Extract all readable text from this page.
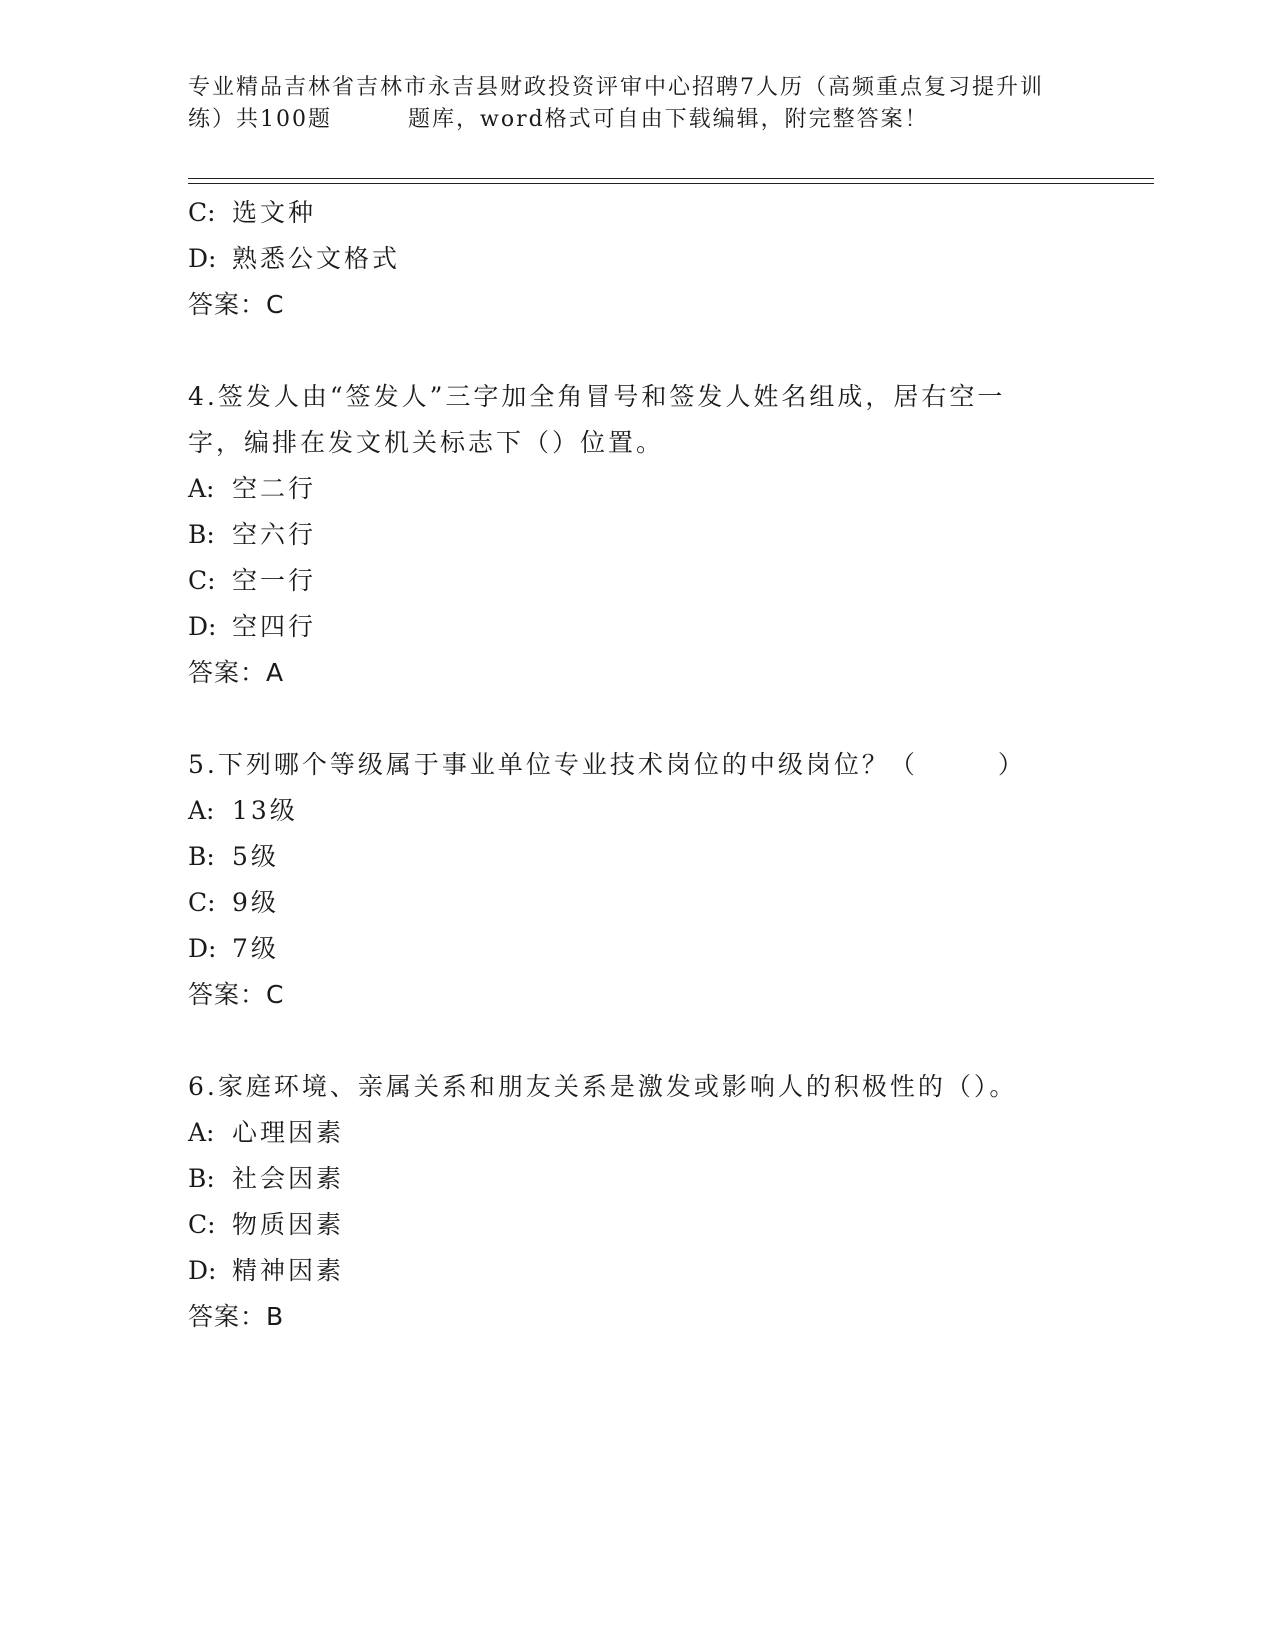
专业精品吉林省吉林市永吉县财政投资评审中心招聘7人历（高频重点复习提升训
练）共100题	题库，word格式可自由下载编辑，附完整答案！
C: 选文种
D: 熟悉公文格式
答案：C
4.签发人由“签发人”三字加全角冒号和签发人姓名组成，居右空一
字，编排在发文机关标志下（）位置。
A: 空二行
B: 空六行
C: 空一行
D: 空四行
答案：A
5.下列哪个等级属于事业单位专业技术岗位的中级岗位？（	）
A: 13级
B: 5级
C: 9级
D: 7级
答案：C
6.家庭环境、亲属关系和朋友关系是激发或影响人的积极性的（）。
A: 心理因素
B: 社会因素
C: 物质因素
D: 精神因素
答案：B
